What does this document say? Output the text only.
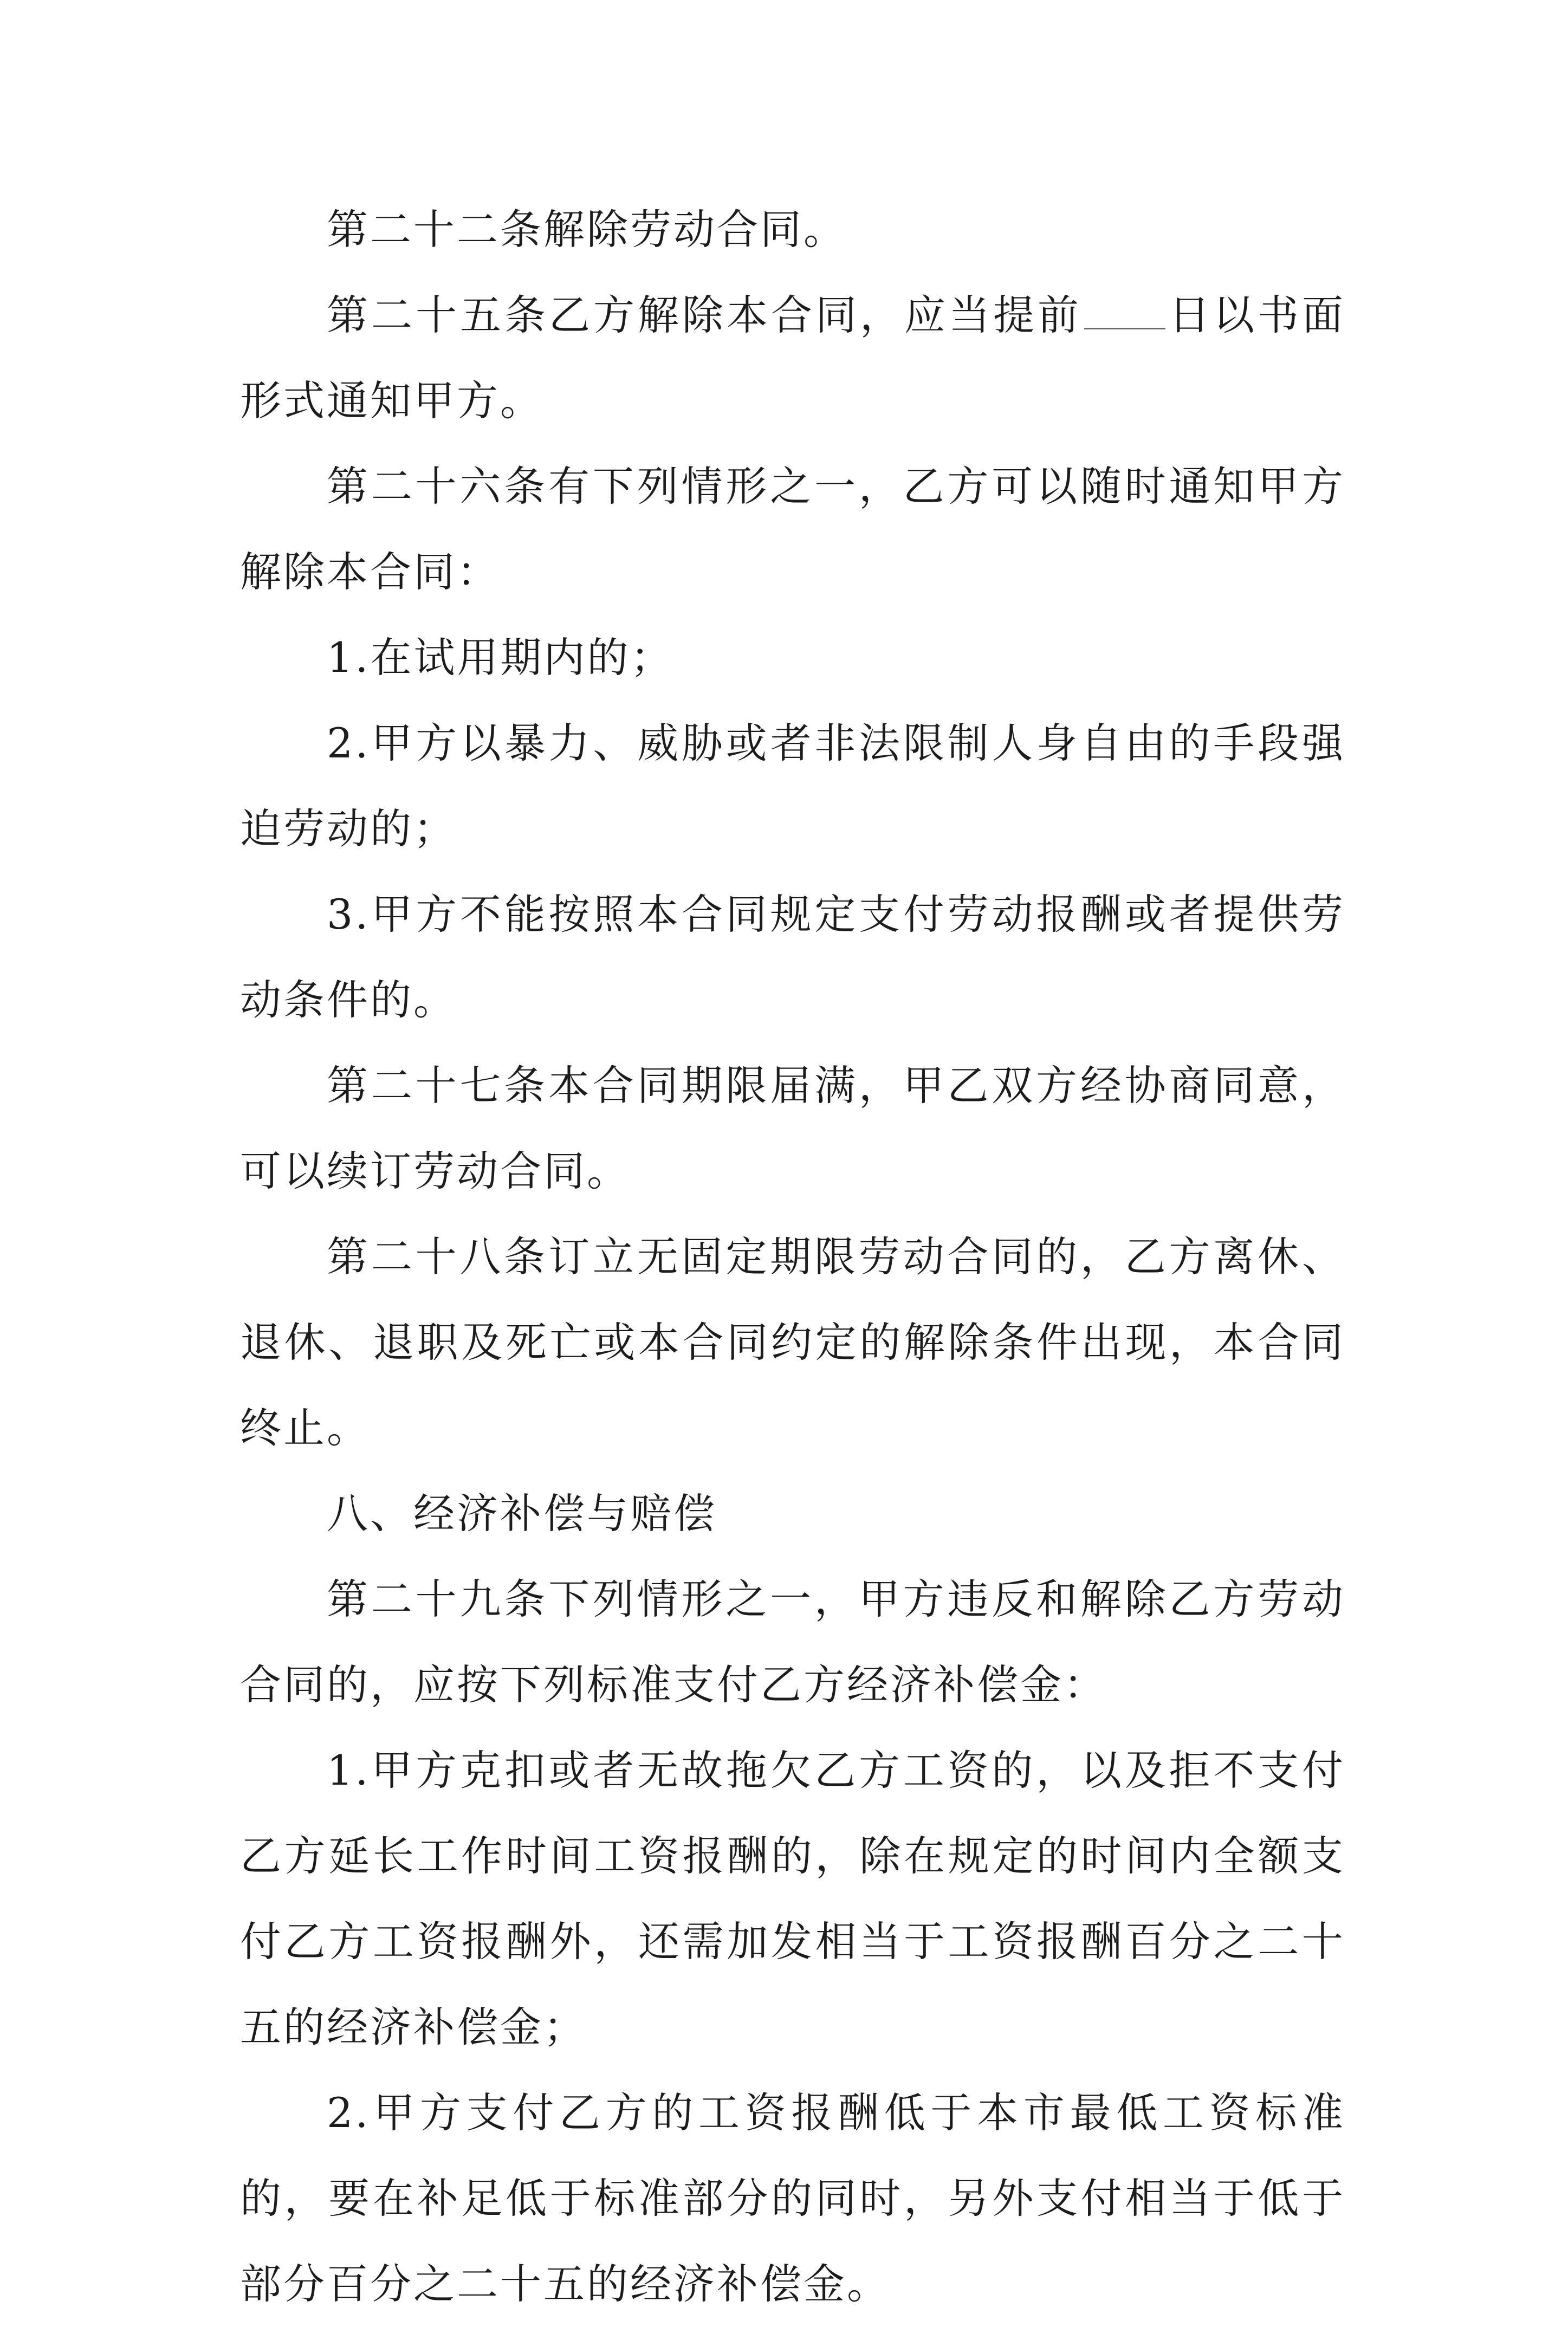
第二十二条解除劳动合同。

第二十五条乙方解除本合同，应当提前 日以书面形式通知甲方。

第二十六条有下列情形之一，乙方可以随时通知甲方解除本合同：

1.在试用期内的；

2.甲方以暴力、威胁或者非法限制人身自由的手段强迫劳动的；

3.甲方不能按照本合同规定支付劳动报酬或者提供劳动条件的。

第二十七条本合同期限届满，甲乙双方经协商同意，可以续订劳动合同。

第二十八条订立无固定期限劳动合同的，乙方离休、退休、退职及死亡或本合同约定的解除条件出现，本合同终止。

八、经济补偿与赔偿

第二十九条下列情形之一，甲方违反和解除乙方劳动合同的，应按下列标准支付乙方经济补偿金：

1.甲方克扣或者无故拖欠乙方工资的，以及拒不支付乙方延长工作时间工资报酬的，除在规定的时间内全额支付乙方工资报酬外，还需加发相当于工资报酬百分之二十五的经济补偿金；

2.甲方支付乙方的工资报酬低于本市最低工资标准的，要在补足低于标准部分的同时，另外支付相当于低于部分百分之二十五的经济补偿金。
